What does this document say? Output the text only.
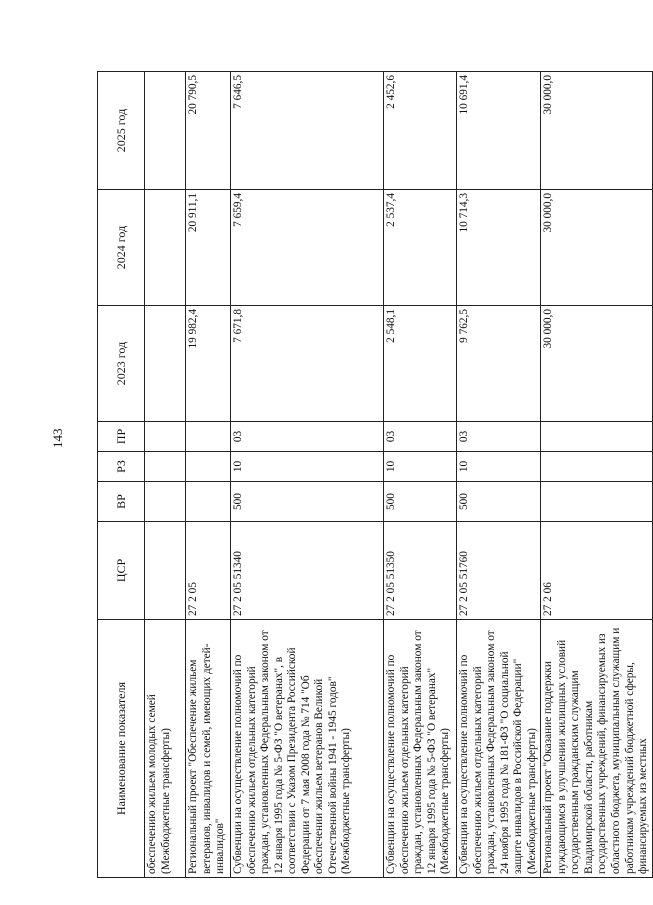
143
Наименование показателя	ЦСР	ВР	РЗ	ПР	2023 год	2024 год	2025 год
обеспечению жильем молодых семей (Межбюджетные трансферты)							
Региональный проект "Обеспечение жильем ветеранов, инвалидов и семей, имеющих детей-инвалидов"	27 2 05				19 982,4	20 911,1	20 790,5
Субвенции на осуществление полномочий по обеспечению жильем отдельных категорий граждан, установленных Федеральным законом от 12 января 1995 года № 5-ФЗ "О ветеранах", в соответствии с Указом Президента Российской Федерации от 7 мая 2008 года № 714 "Об обеспечении жильем ветеранов Великой Отечественной войны 1941 - 1945 годов" (Межбюджетные трансферты)	27 2 05 51340	500	10	03	7 671,8	7 659,4	7 646,5
Субвенции на осуществление полномочий по обеспечению жильем отдельных категорий граждан, установленных Федеральным законом от 12 января 1995 года № 5-ФЗ "О ветеранах" (Межбюджетные трансферты)	27 2 05 51350	500	10	03	2 548,1	2 537,4	2 452,6
Субвенции на осуществление полномочий по обеспечению жильем отдельных категорий граждан, установленных Федеральным законом от 24 ноября 1995 года № 181-ФЗ "О социальной защите инвалидов в Российской Федерации" (Межбюджетные трансферты)	27 2 05 51760	500	10	03	9 762,5	10 714,3	10 691,4
Региональный проект "Оказание поддержки нуждающимся в улучшении жилищных условий государственным гражданским служащим Владимирской области, работникам государственных учреждений, финансируемых из областного бюджета, муниципальным служащим и работникам учреждений бюджетной сферы, финансируемых из местных	27 2 06				30 000,0	30 000,0	30 000,0
